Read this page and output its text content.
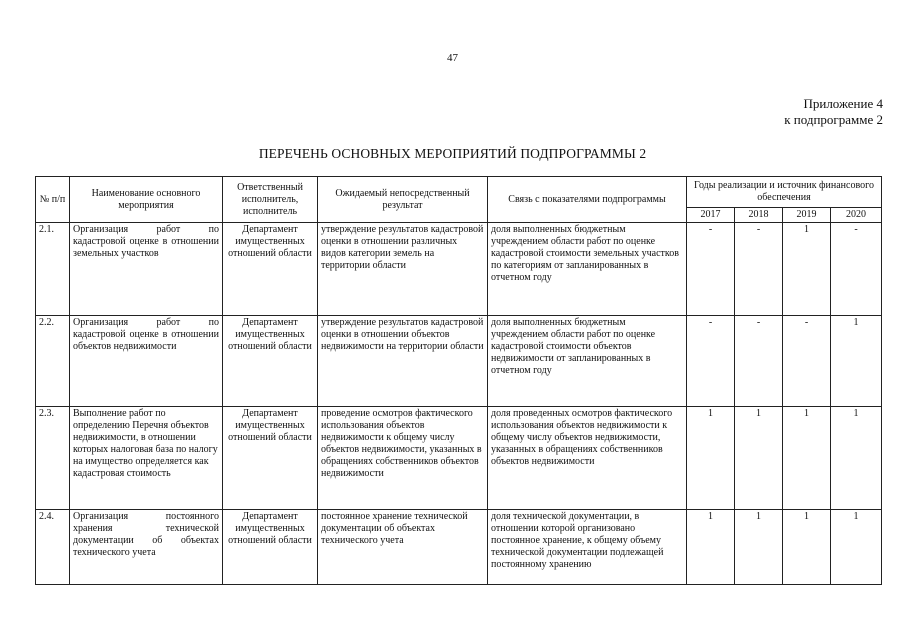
47
Приложение 4
к подпрограмме 2
ПЕРЕЧЕНЬ ОСНОВНЫХ МЕРОПРИЯТИЙ ПОДПРОГРАММЫ 2
№ п/п	Наименование основного мероприятия	Ответственный исполнитель, исполнитель	Ожидаемый непосредственный результат	Связь с показателями подпрограммы	Годы реализации и источник финансового обеспечения			
					2017	2018	2019	2020
2.1.	Организация работ по кадастровой оценке в отношении земельных участков	Департамент имущественных отношений области	утверждение результатов кадастровой оценки в отношении различных видов категории земель на территории области	доля выполненных бюджетным учреждением области работ по оценке кадастровой стоимости земельных участков по категориям от запланированных в отчетном году	-	-	1	-
2.2.	Организация работ по кадастровой оценке в отношении объектов недвижимости	Департамент имущественных отношений области	утверждение результатов кадастровой оценки в отношении объектов недвижимости на территории области	доля выполненных бюджетным учреждением области работ по оценке кадастровой стоимости объектов недвижимости от запланированных в отчетном году	-	-	-	1
2.3.	Выполнение работ по определению Перечня объектов недвижимости, в отношении которых налоговая база по налогу на имущество определяется как кадастровая стоимость	Департамент имущественных отношений области	проведение осмотров фактического использования объектов недвижимости к общему числу объектов недвижимости, указанных в обращениях собственников объектов недвижимости	доля проведенных осмотров фактического использования объектов недвижимости к общему числу объектов недвижимости, указанных в обращениях собственников объектов недвижимости	1	1	1	1
2.4.	Организация постоянного хранения технической документации об объектах технического учета	Департамент имущественных отношений области	постоянное хранение технической документации об объектах технического учета	доля технической документации, в отношении которой организовано постоянное хранение, к общему объему технической документации подлежащей постоянному хранению	1	1	1	1
